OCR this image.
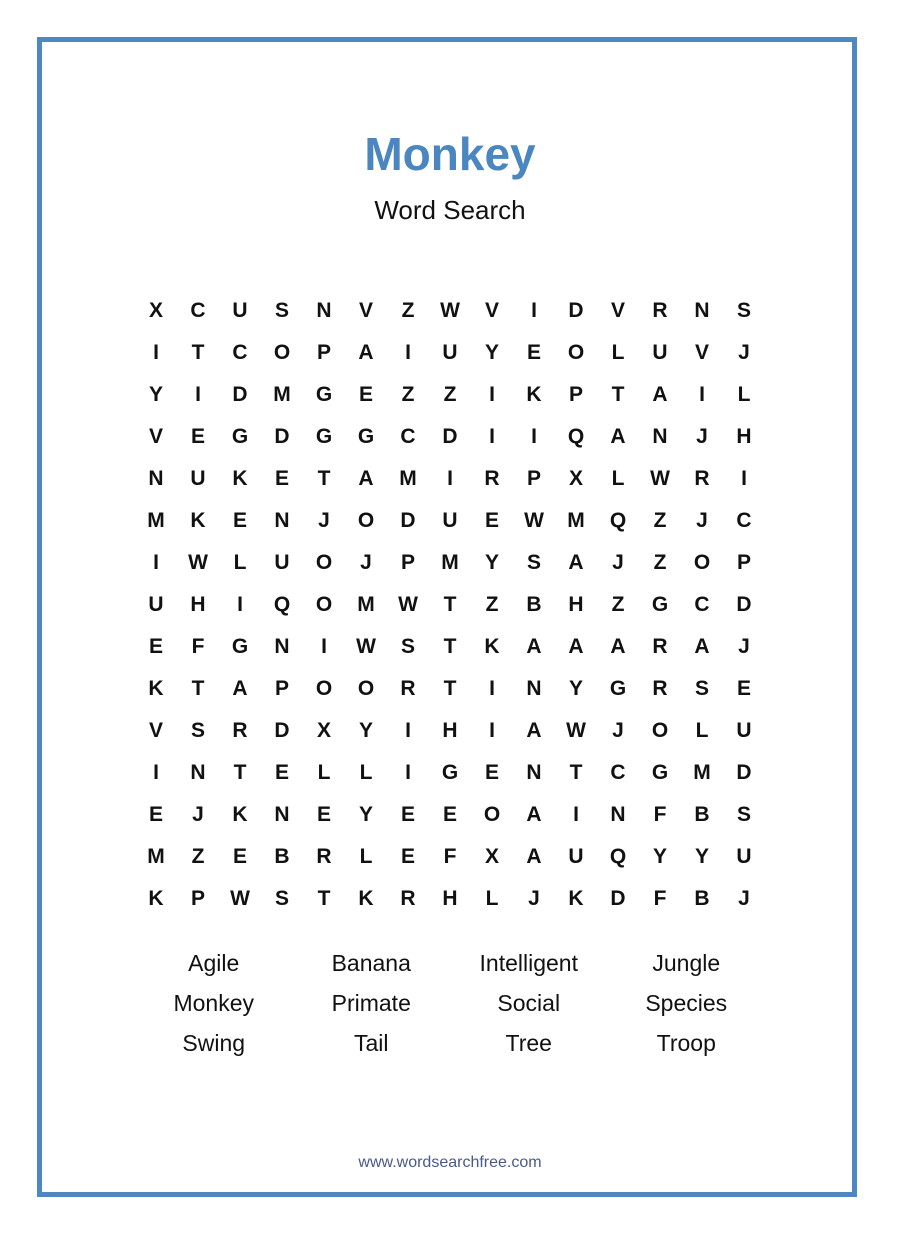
Monkey
Word Search
X	C	U	S	N	V	Z	W	V	I	D	V	R	N	S
I	T	C	O	P	A	I	U	Y	E	O	L	U	V	J
Y	I	D	M	G	E	Z	Z	I	K	P	T	A	I	L
V	E	G	D	G	G	C	D	I	I	Q	A	N	J	H
N	U	K	E	T	A	M	I	R	P	X	L	W	R	I
M	K	E	N	J	O	D	U	E	W	M	Q	Z	J	C
I	W	L	U	O	J	P	M	Y	S	A	J	Z	O	P
U	H	I	Q	O	M	W	T	Z	B	H	Z	G	C	D
E	F	G	N	I	W	S	T	K	A	A	A	R	A	J
K	T	A	P	O	O	R	T	I	N	Y	G	R	S	E
V	S	R	D	X	Y	I	H	I	A	W	J	O	L	U
I	N	T	E	L	L	I	G	E	N	T	C	G	M	D
E	J	K	N	E	Y	E	E	O	A	I	N	F	B	S
M	Z	E	B	R	L	E	F	X	A	U	Q	Y	Y	U
K	P	W	S	T	K	R	H	L	J	K	D	F	B	J
Agile	Banana	Intelligent	Jungle
Monkey	Primate	Social	Species
Swing	Tail	Tree	Troop
www.wordsearchfree.com
